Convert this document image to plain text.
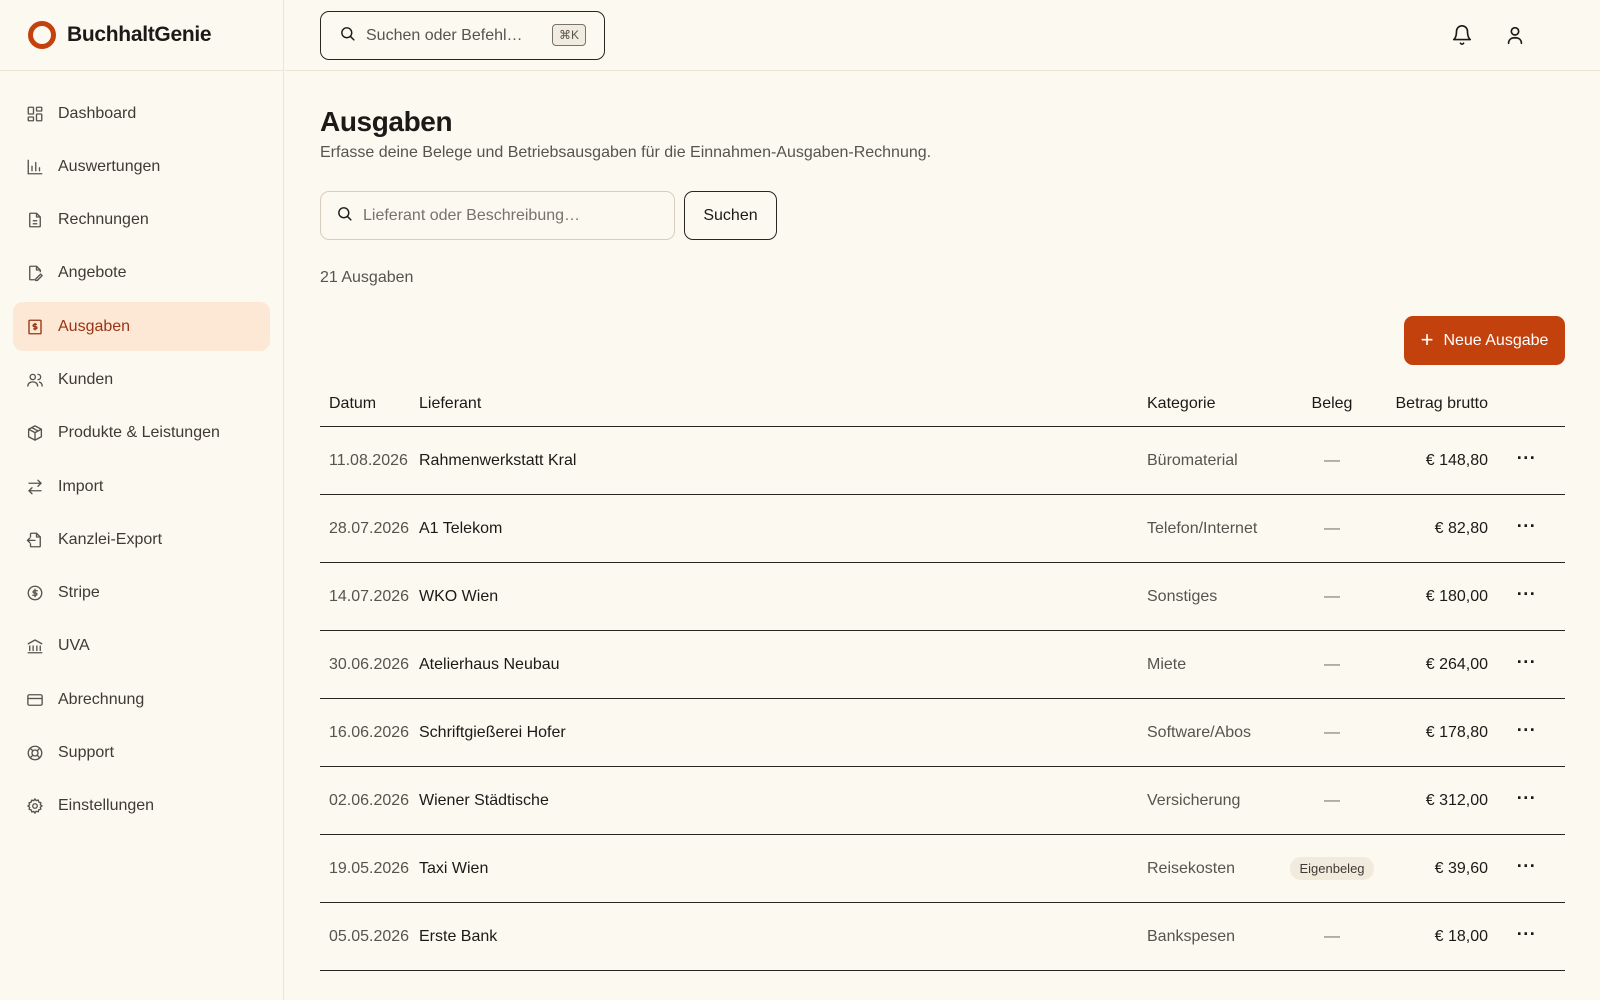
BuchhaltGenie
Dashboard
Auswertungen
Rechnungen
Angebote
Ausgaben
Kunden
Produkte & Leistungen
Import
Kanzlei-Export
Stripe
UVA
Abrechnung
Support
Einstellungen
Suchen oder Befehl…	⌘K
Ausgaben

Erfasse deine Belege und Betriebsausgaben für die Einnahmen-Ausgaben-Rechnung.

Lieferant oder Beschreibung…
Suchen
21 Ausgaben
+ Neue Ausgabe
Datum	Lieferant	Kategorie	Beleg	Betrag brutto
11.08.2026 Rahmenwerkstatt Kral	Büromaterial	—	€ 148,80 ···
28.07.2026 A1 Telekom	Telefon/Internet	—	€ 82,80 ···
14.07.2026 WKO Wien	Sonstiges	—	€ 180,00 ···
30.06.2026 Atelierhaus Neubau	Miete	—	€ 264,00 ···
16.06.2026 Schriftgießerei Hofer	Software/Abos	—	€ 178,80 ···
02.06.2026 Wiener Städtische	Versicherung	—	€ 312,00 ···
19.05.2026 Taxi Wien	Reisekosten	Eigenbeleg	€ 39,60 ···
05.05.2026 Erste Bank	Bankspesen	—	€ 18,00 ···
